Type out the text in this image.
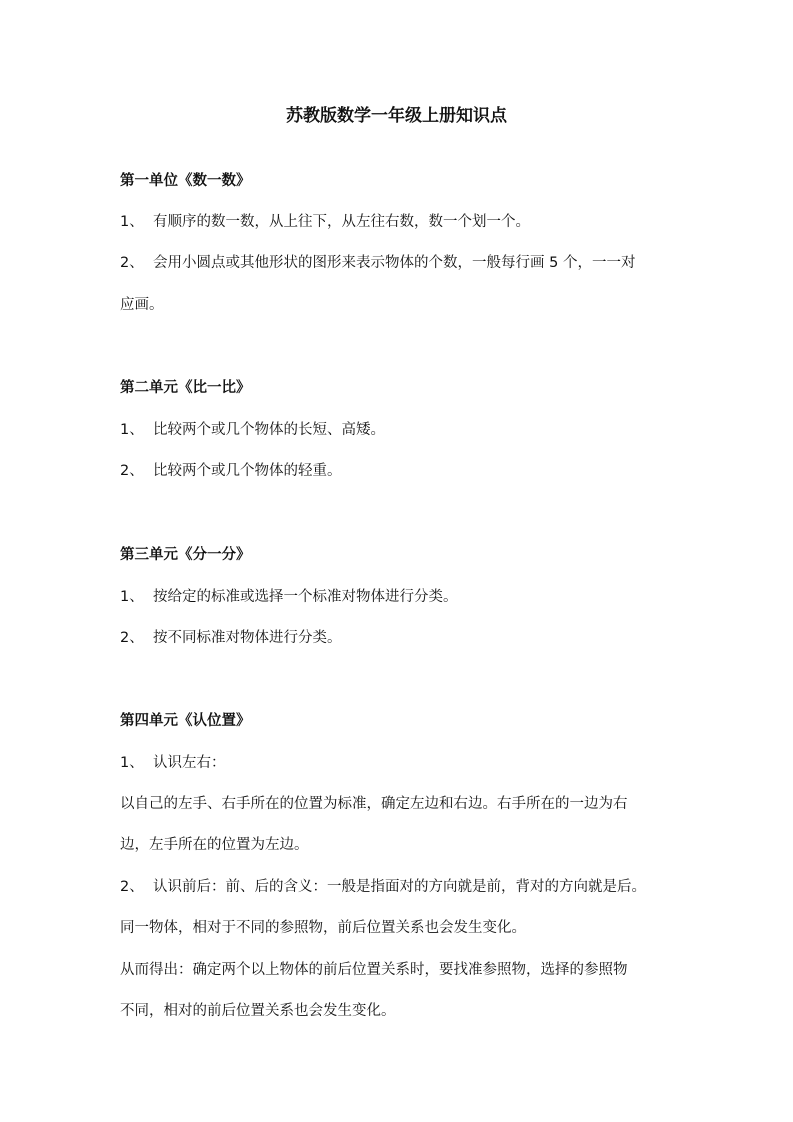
苏教版数学一年级上册知识点
第一单位《数一数》
1、 有顺序的数一数，从上往下，从左往右数，数一个划一个。
2、 会用小圆点或其他形状的图形来表示物体的个数，一般每行画 5 个，一一对
应画。
第二单元《比一比》
1、 比较两个或几个物体的长短、高矮。
2、 比较两个或几个物体的轻重。
第三单元《分一分》
1、 按给定的标准或选择一个标准对物体进行分类。
2、 按不同标准对物体进行分类。
第四单元《认位置》
1、 认识左右：
以自己的左手、右手所在的位置为标准，确定左边和右边。右手所在的一边为右
边，左手所在的位置为左边。
2、 认识前后：前、后的含义：一般是指面对的方向就是前，背对的方向就是后。
同一物体，相对于不同的参照物，前后位置关系也会发生变化。
从而得出：确定两个以上物体的前后位置关系时，要找准参照物，选择的参照物
不同，相对的前后位置关系也会发生变化。
